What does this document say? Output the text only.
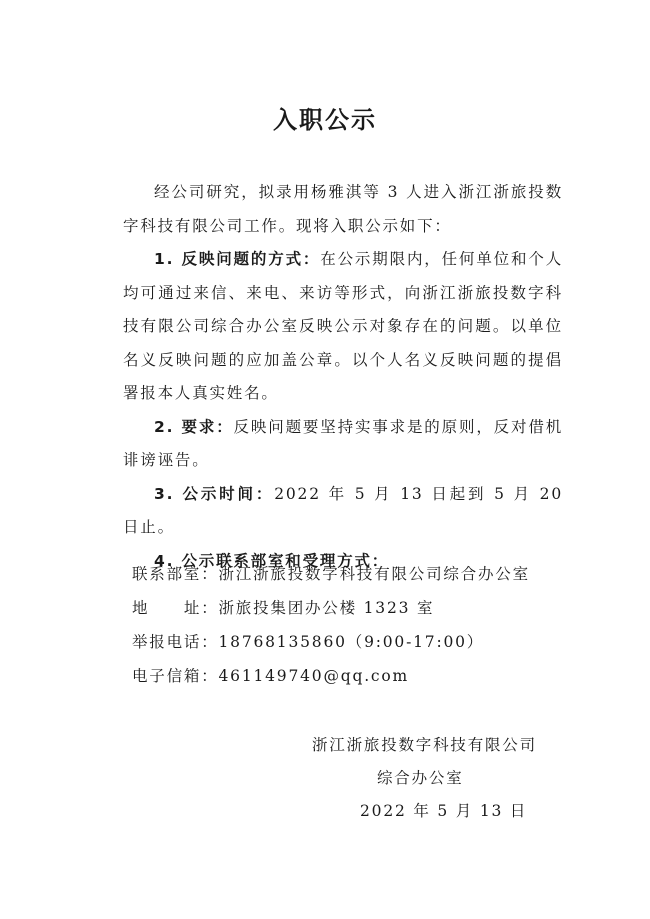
入职公示

经公司研究，拟录用杨雅淇等 3 人进入浙江浙旅投数字科技有限公司工作。现将入职公示如下：

1. 反映问题的方式：在公示期限内，任何单位和个人均可通过来信、来电、来访等形式，向浙江浙旅投数字科技有限公司综合办公室反映公示对象存在的问题。以单位名义反映问题的应加盖公章。以个人名义反映问题的提倡署报本人真实姓名。

2. 要求：反映问题要坚持实事求是的原则，反对借机诽谤诬告。

3. 公示时间：2022 年 5 月 13 日起到 5 月 20 日止。

4. 公示联系部室和受理方式：

联系部室：浙江浙旅投数字科技有限公司综合办公室
地　　址：浙旅投集团办公楼 1323 室
举报电话：18768135860（9:00-17:00）
电子信箱：461149740@qq.com
浙江浙旅投数字科技有限公司
综合办公室
2022 年 5 月 13 日
